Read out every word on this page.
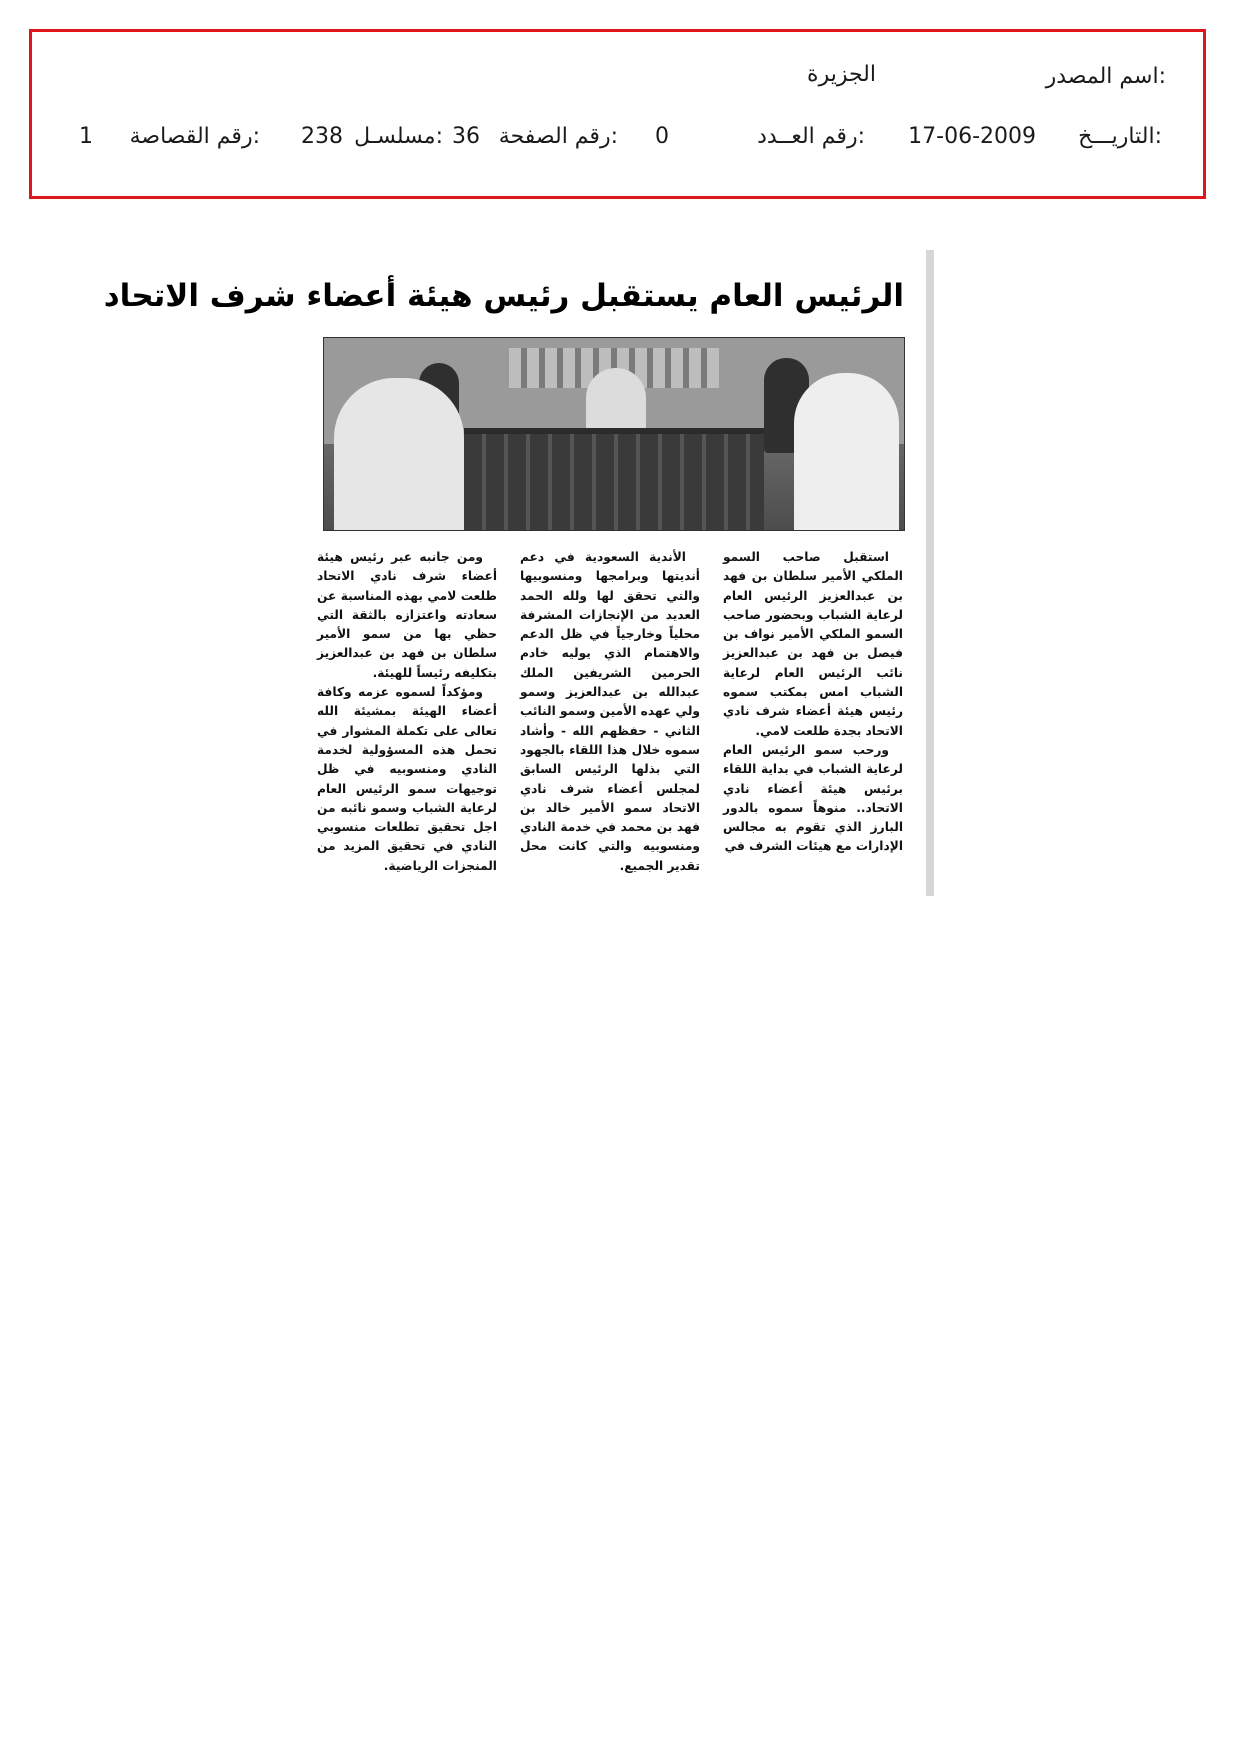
اسم المصدر:
الجزيرة
التاريـــخ:
17-06-2009
رقم العــدد:
0
رقم الصفحة:
36
مسلسـل:
238
رقم القصاصة:
1
الرئيس العام يستقبل رئيس هيئة أعضاء شرف الاتحاد

استقبل صاحب السمو الملكي الأمير سلطان بن فهد بن عبدالعزيز الرئيس العام لرعاية الشباب وبحضور صاحب السمو الملكي الأمير نواف بن فيصل بن فهد بن عبدالعزيز نائب الرئيس العام لرعاية الشباب امس بمكتب سموه رئيس هيئة أعضاء شرف نادي الاتحاد بجدة طلعت لامي.

ورحب سمو الرئيس العام لرعاية الشباب في بداية اللقاء برئيس هيئة أعضاء نادي الاتحاد.. منوهاً سموه بالدور البارز الذي تقوم به مجالس الإدارات مع هيئات الشرف في

الأندية السعودية في دعم أنديتها وبرامجها ومنسوبيها والتي تحقق لها ولله الحمد العديد من الإنجازات المشرفة محلياً وخارجياً في ظل الدعم والاهتمام الذي يوليه خادم الحرمين الشريفين الملك عبدالله بن عبدالعزيز وسمو ولي عهده الأمين وسمو النائب الثاني - حفظهم الله - وأشاد سموه خلال هذا اللقاء بالجهود التي بذلها الرئيس السابق لمجلس أعضاء شرف نادي الاتحاد سمو الأمير خالد بن فهد بن محمد في خدمة النادي ومنسوبيه والتي كانت محل تقدير الجميع.

ومن جانبه عبر رئيس هيئة أعضاء شرف نادي الاتحاد طلعت لامي بهذه المناسبة عن سعادته واعتزازه بالثقة التي حظي بها من سمو الأمير سلطان بن فهد بن عبدالعزيز بتكليفه رئيساً للهيئة.

ومؤكداً لسموه عزمه وكافة أعضاء الهيئة بمشيئة الله تعالى على تكملة المشوار في تحمل هذه المسؤولية لخدمة النادي ومنسوبيه في ظل توجيهات سمو الرئيس العام لرعاية الشباب وسمو نائبه من اجل تحقيق تطلعات منسوبي النادي في تحقيق المزيد من المنجزات الرياضية.
